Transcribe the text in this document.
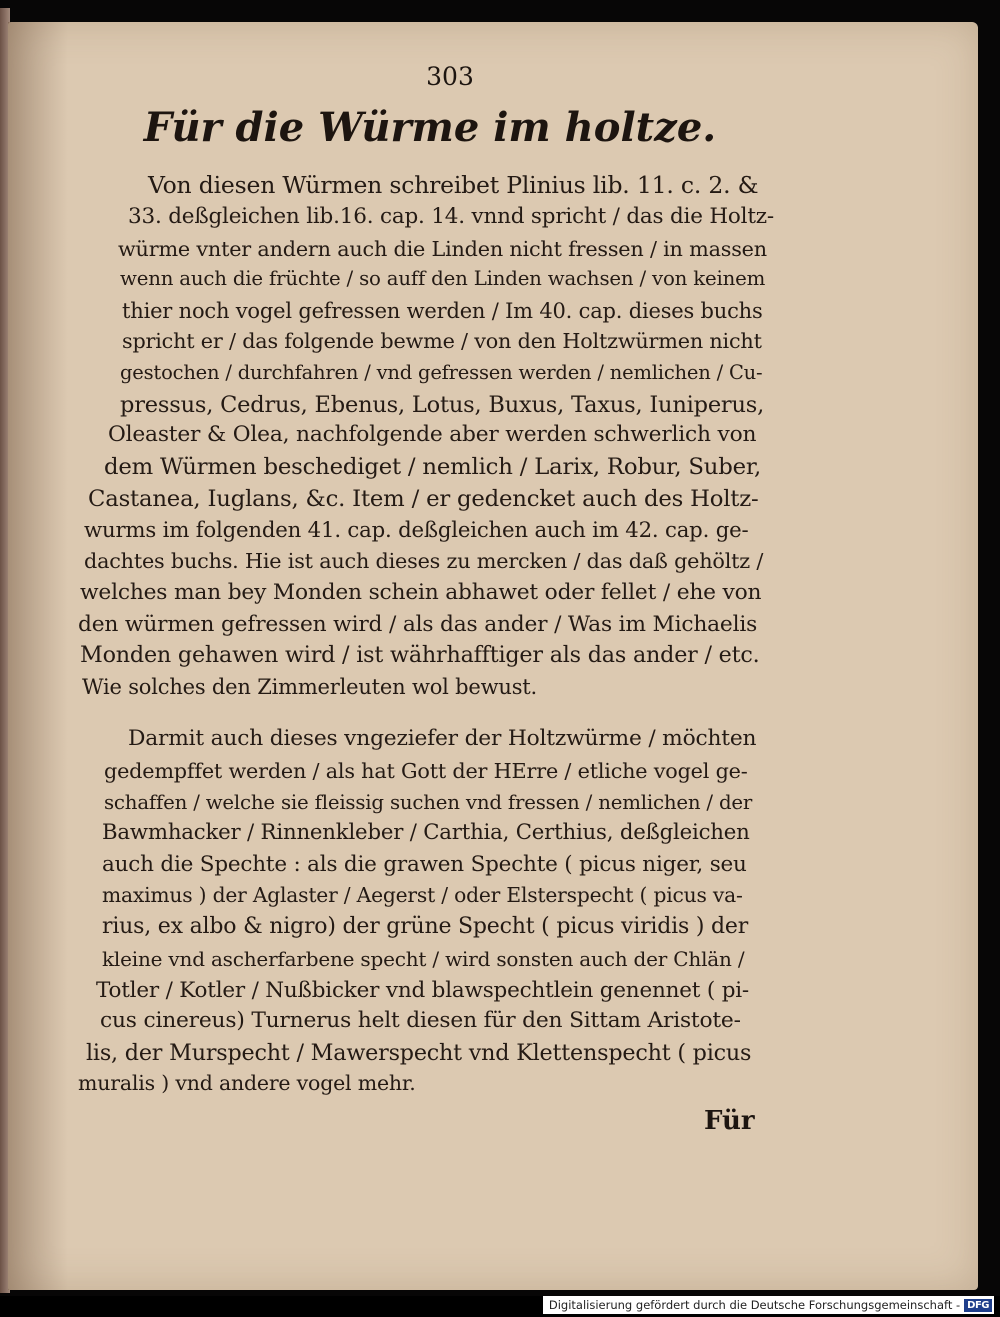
303
Für die Würme im holtze.
Von diesen Würmen schreibet Plinius lib. 11. c. 2. &
33. deßgleichen lib.16. cap. 14. vnnd spricht / das die Holtz-
würme vnter andern auch die Linden nicht fressen / in massen
wenn auch die früchte / so auff den Linden wachsen / von keinem
thier noch vogel gefressen werden / Im 40. cap. dieses buchs
spricht er / das folgende bewme / von den Holtzwürmen nicht
gestochen / durchfahren / vnd gefressen werden / nemlichen / Cu-
pressus, Cedrus, Ebenus, Lotus, Buxus, Taxus, Iuniperus,
Oleaster & Olea, nachfolgende aber werden schwerlich von
dem Würmen beschediget / nemlich / Larix, Robur, Suber,
Castanea, Iuglans, &c. Item / er gedencket auch des Holtz-
wurms im folgenden 41. cap. deßgleichen auch im 42. cap. ge-
dachtes buchs. Hie ist auch dieses zu mercken / das daß gehöltz /
welches man bey Monden schein abhawet oder fellet / ehe von
den würmen gefressen wird / als das ander / Was im Michaelis
Monden gehawen wird / ist währhafftiger als das ander / etc.
Wie solches den Zimmerleuten wol bewust.
Darmit auch dieses vngeziefer der Holtzwürme / möchten
gedempffet werden / als hat Gott der HErre / etliche vogel ge-
schaffen / welche sie fleissig suchen vnd fressen / nemlichen / der
Bawmhacker / Rinnenkleber / Carthia, Certhius, deßgleichen
auch die Spechte : als die grawen Spechte ( picus niger, seu
maximus ) der Aglaster / Aegerst / oder Elsterspecht ( picus va-
rius, ex albo & nigro) der grüne Specht ( picus viridis ) der
kleine vnd ascherfarbene specht / wird sonsten auch der Chlän /
Totler / Kotler / Nußbicker vnd blawspechtlein genennet ( pi-
cus cinereus) Turnerus helt diesen für den Sittam Aristote-
lis, der Murspecht / Mawerspecht vnd Klettenspecht ( picus
muralis ) vnd andere vogel mehr.
Für
Digitalisierung gefördert durch die Deutsche Forschungsgemeinschaft - DFG
